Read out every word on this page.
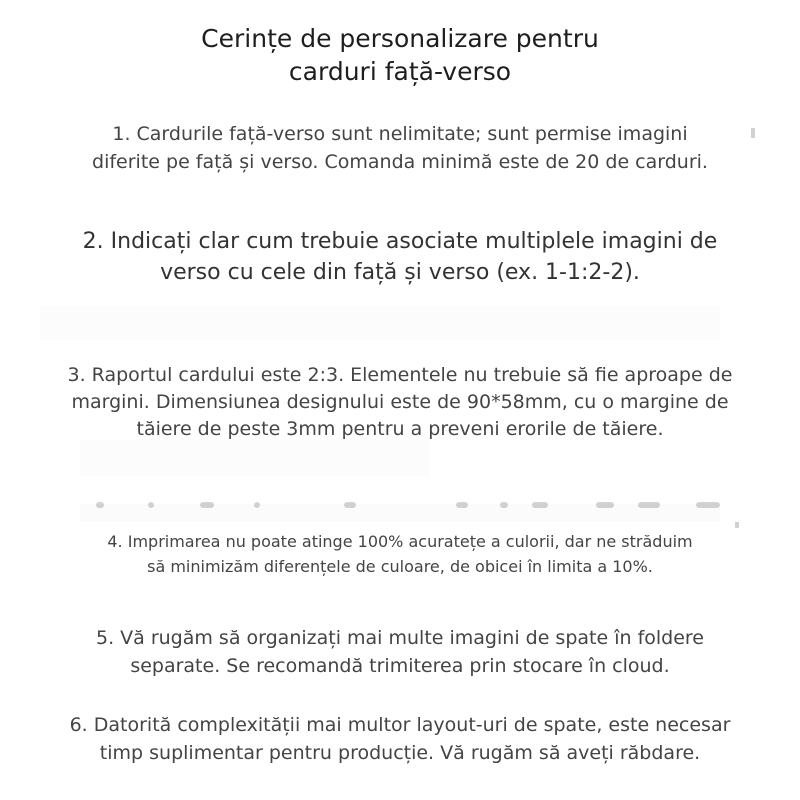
Cerințe de personalizare pentru
carduri față-verso
1. Cardurile față-verso sunt nelimitate; sunt permise imagini
diferite pe față și verso. Comanda minimă este de 20 de carduri.
2. Indicați clar cum trebuie asociate multiplele imagini de
verso cu cele din față și verso (ex. 1-1:2-2).
3. Raportul cardului este 2:3. Elementele nu trebuie să fie aproape de
margini. Dimensiunea designului este de 90*58mm, cu o margine de
tăiere de peste 3mm pentru a preveni erorile de tăiere.
4. Imprimarea nu poate atinge 100% acuratețe a culorii, dar ne străduim
să minimizăm diferențele de culoare, de obicei în limita a 10%.
5. Vă rugăm să organizați mai multe imagini de spate în foldere
separate. Se recomandă trimiterea prin stocare în cloud.
6. Datorită complexității mai multor layout-uri de spate, este necesar
timp suplimentar pentru producție. Vă rugăm să aveți răbdare.
